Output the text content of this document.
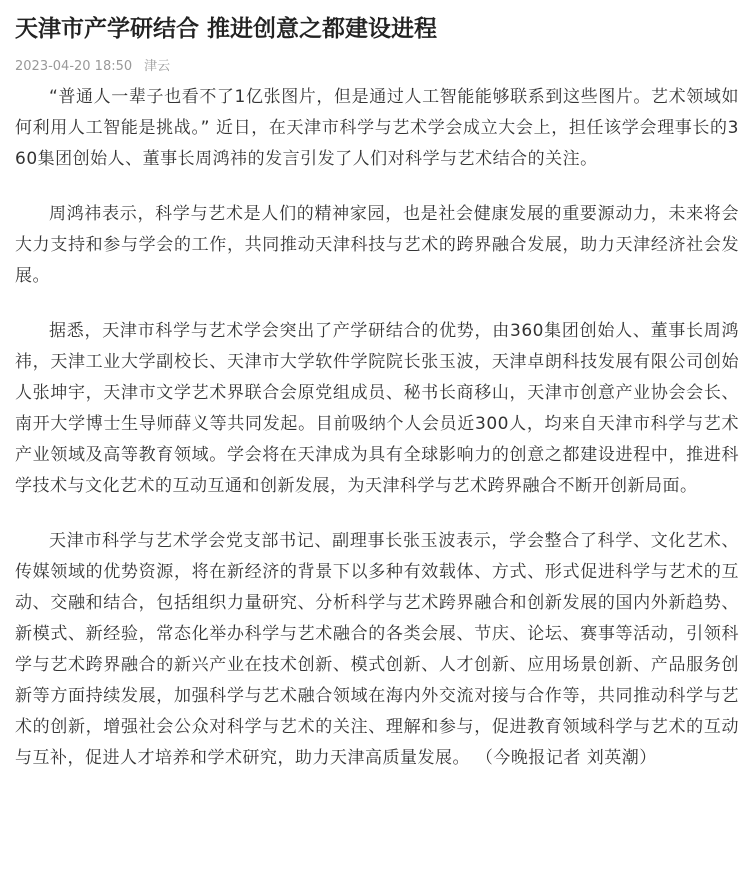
天津市产学研结合 推进创意之都建设进程
2023-04-20 18:50 津云

“普通人一辈子也看不了1亿张图片，但是通过人工智能能够联系到这些图片。艺术领域如何利用人工智能是挑战。” 近日，在天津市科学与艺术学会成立大会上，担任该学会理事长的360集团创始人、董事长周鸿祎的发言引发了人们对科学与艺术结合的关注。

周鸿祎表示，科学与艺术是人们的精神家园，也是社会健康发展的重要源动力，未来将会大力支持和参与学会的工作，共同推动天津科技与艺术的跨界融合发展，助力天津经济社会发展。

据悉，天津市科学与艺术学会突出了产学研结合的优势，由360集团创始人、董事长周鸿祎，天津工业大学副校长、天津市大学软件学院院长张玉波，天津卓朗科技发展有限公司创始人张坤宇，天津市文学艺术界联合会原党组成员、秘书长商移山，天津市创意产业协会会长、南开大学博士生导师薛义等共同发起。目前吸纳个人会员近300人，均来自天津市科学与艺术产业领域及高等教育领域。学会将在天津成为具有全球影响力的创意之都建设进程中，推进科学技术与文化艺术的互动互通和创新发展，为天津科学与艺术跨界融合不断开创新局面。

天津市科学与艺术学会党支部书记、副理事长张玉波表示，学会整合了科学、文化艺术、传媒领域的优势资源，将在新经济的背景下以多种有效载体、方式、形式促进科学与艺术的互动、交融和结合，包括组织力量研究、分析科学与艺术跨界融合和创新发展的国内外新趋势、新模式、新经验，常态化举办科学与艺术融合的各类会展、节庆、论坛、赛事等活动，引领科学与艺术跨界融合的新兴产业在技术创新、模式创新、人才创新、应用场景创新、产品服务创新等方面持续发展，加强科学与艺术融合领域在海内外交流对接与合作等，共同推动科学与艺术的创新，增强社会公众对科学与艺术的关注、理解和参与，促进教育领域科学与艺术的互动与互补，促进人才培养和学术研究，助力天津高质量发展。 （今晚报记者 刘英潮）
